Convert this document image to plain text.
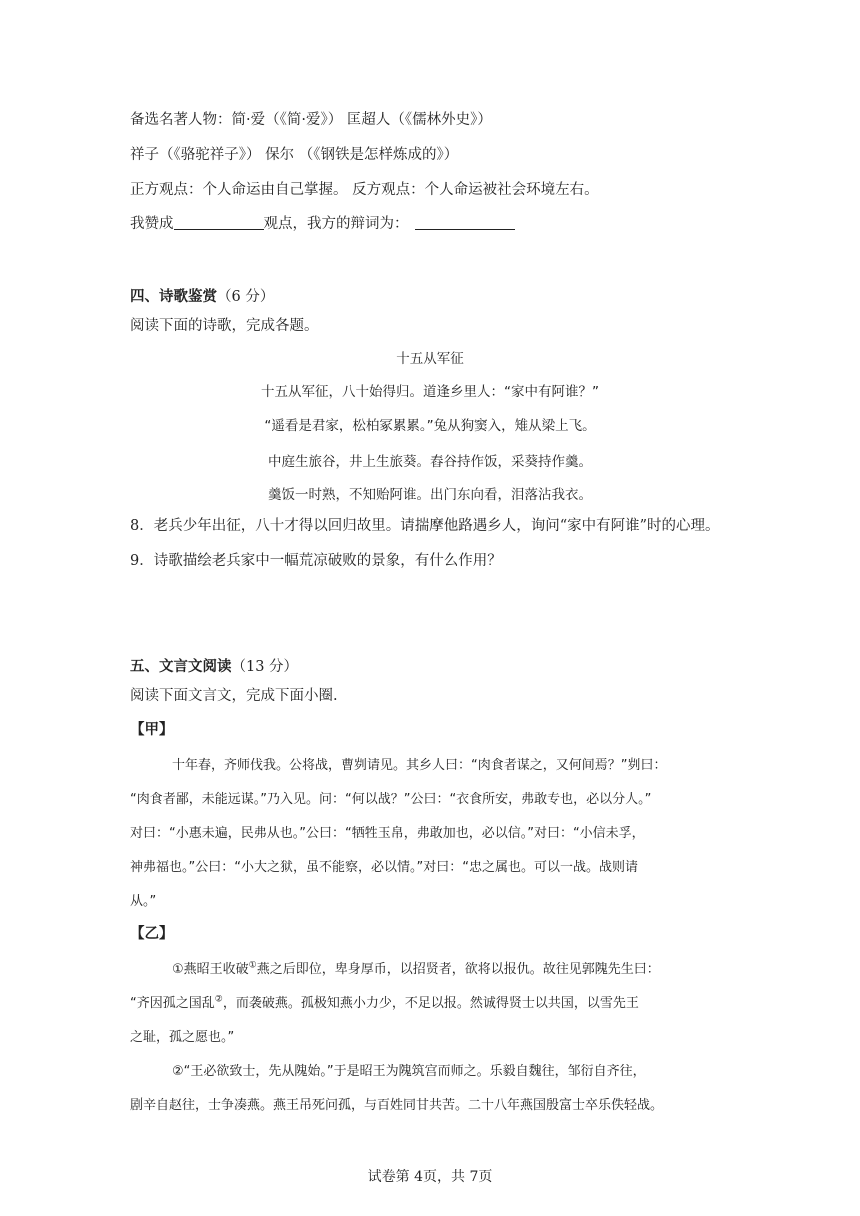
备选名著人物：简·爱（《简·爱》） 匡超人（《儒林外史》）
祥子（《骆驼祥子》） 保尔 （《钢铁是怎样炼成的》）
正方观点：个人命运由自己掌握。 反方观点：个人命运被社会环境左右。
我赞成	观点，我方的辩词为：
四、诗歌鉴赏（6 分）
阅读下面的诗歌，完成各题。
十五从军征
十五从军征，八十始得归。道逢乡里人：“家中有阿谁？”
“遥看是君家，松柏冢累累。”兔从狗窦入，雉从梁上飞。
中庭生旅谷，井上生旅葵。舂谷持作饭，采葵持作羹。
羹饭一时熟，不知贻阿谁。出门东向看，泪落沾我衣。
8．老兵少年出征，八十才得以回归故里。请揣摩他路遇乡人，询问“家中有阿谁”时的心理。
9．诗歌描绘老兵家中一幅荒凉破败的景象，有什么作用？
五、文言文阅读（13 分）
阅读下面文言文，完成下面小圈.
【甲】
十年春，齐师伐我。公将战，曹刿请见。其乡人曰：“肉食者谋之，又何间焉？”刿曰：
“肉食者鄙，未能远谋。”乃入见。问：“何以战？”公曰：“衣食所安，弗敢专也，必以分人。”
对曰：“小惠未遍，民弗从也。”公曰：“牺牲玉帛，弗敢加也，必以信。”对曰：“小信未孚，
神弗福也。”公曰：“小大之狱，虽不能察，必以情。”对曰：“忠之属也。可以一战。战则请
从。”
【乙】
①燕昭王收破①燕之后即位，卑身厚币，以招贤者，欲将以报仇。故往见郭隗先生曰：
“齐因孤之国乱②，而袭破燕。孤极知燕小力少，不足以报。然诚得贤士以共国，以雪先王
之耻，孤之愿也。”
②“王必欲致士，先从隗始。”于是昭王为隗筑宫而师之。乐毅自魏往，邹衍自齐往，
剧辛自赵往，士争凑燕。燕王吊死问孤，与百姓同甘共苦。二十八年燕国殷富士卒乐佚轻战。
试卷第 4页，共 7页
